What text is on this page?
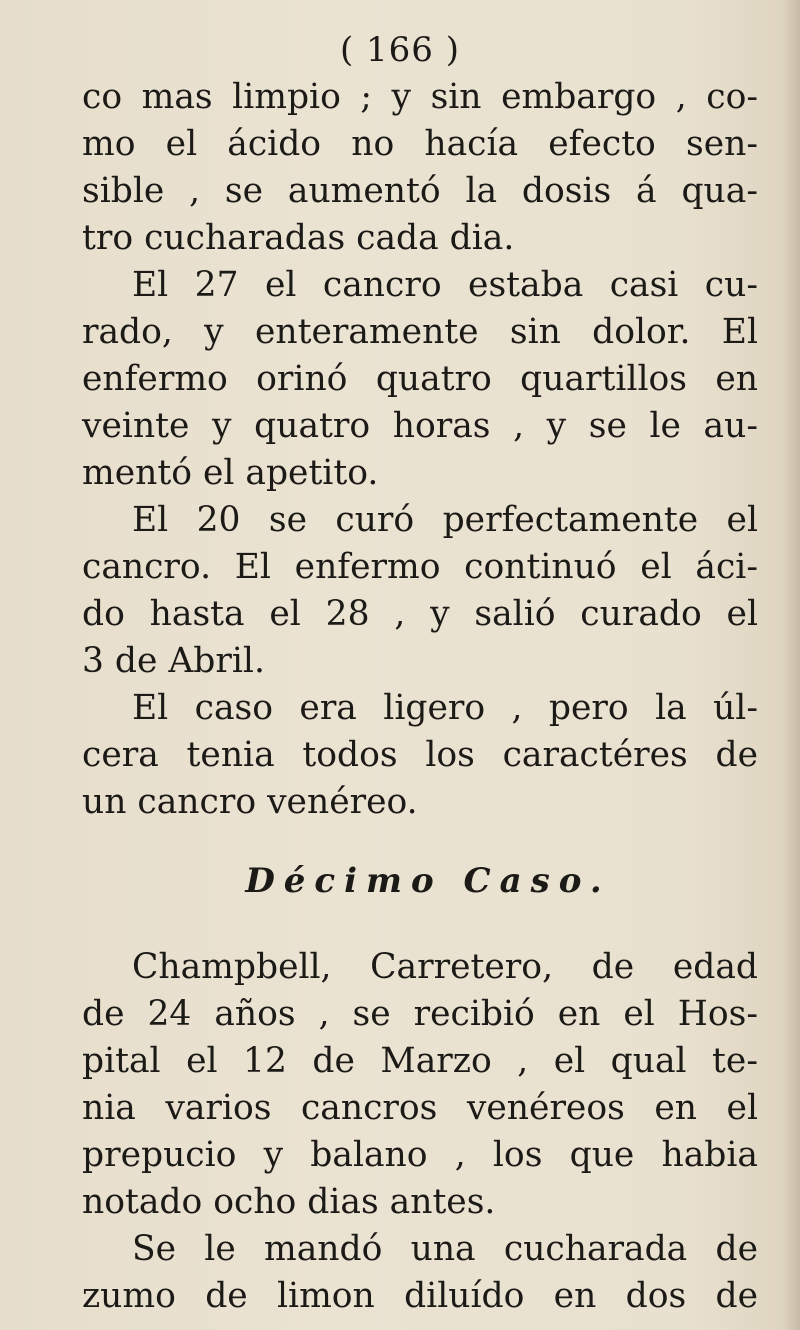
( 166 )
co mas limpio ; y sin embargo , co-
mo el ácido no hacía efecto sen-
sible , se aumentó la dosis á qua-
tro cucharadas cada dia.
El 27 el cancro estaba casi cu-
rado, y enteramente sin dolor. El
enfermo orinó quatro quartillos en
veinte y quatro horas , y se le au-
mentó el apetito.
El 20 se curó perfectamente el
cancro. El enfermo continuó el áci-
do hasta el 28 , y salió curado el
3 de Abril.
El caso era ligero , pero la úl-
cera tenia todos los caractéres de
un cancro venéreo.
Décimo Caso.
Champbell, Carretero, de edad
de 24 años , se recibió en el Hos-
pital el 12 de Marzo , el qual te-
nia varios cancros venéreos en el
prepucio y balano , los que habia
notado ocho dias antes.
Se le mandó una cucharada de
zumo de limon diluído en dos de
